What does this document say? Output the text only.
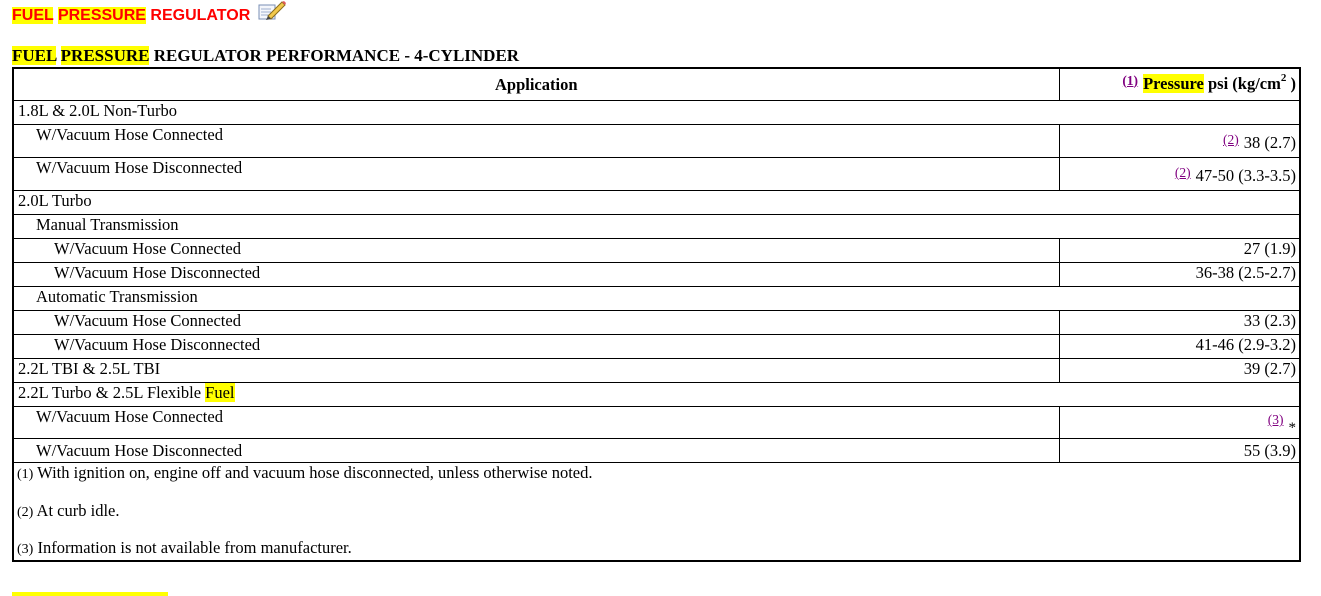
FUEL PRESSURE REGULATOR
FUEL PRESSURE REGULATOR PERFORMANCE - 4-CYLINDER
Application	$^{(1)}$ Pressure psi ($kg/cm^2$ )
1.8L & 2.0L Non-Turbo	
W/Vacuum Hose Connected	$^{(2)}$ 38 (2.7)
W/Vacuum Hose Disconnected	$^{(2)}$ 47-50 (3.3-3.5)
2.0L Turbo	
Manual Transmission	
W/Vacuum Hose Connected	27 (1.9)
W/Vacuum Hose Disconnected	36-38 (2.5-2.7)
Automatic Transmission	
W/Vacuum Hose Connected	33 (2.3)
W/Vacuum Hose Disconnected	41-46 (2.9-3.2)
2.2L TBI & 2.5L TBI	39 (2.7)
2.2L Turbo & 2.5L Flexible Fuel	
W/Vacuum Hose Connected	$^{(3)}$*
W/Vacuum Hose Disconnected	55 (3.9)

(1) With ignition on, engine off and vacuum hose disconnected, unless otherwise noted.
(2) At curb idle.
(3) Information is not available from manufacturer.	
